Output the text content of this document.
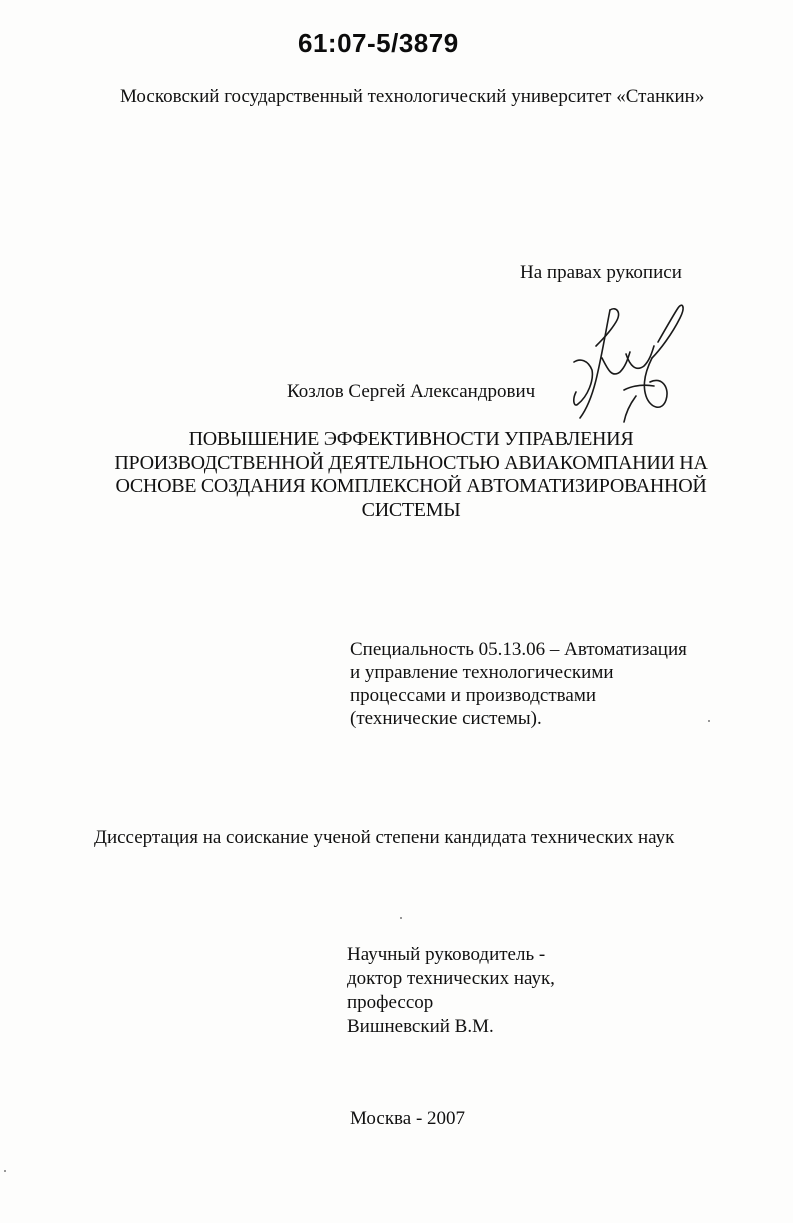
61:07-5/3879
Московский государственный технологический университет «Станкин»
На правах рукописи
Козлов Сергей Александрович
ПОВЫШЕНИЕ ЭФФЕКТИВНОСТИ УПРАВЛЕНИЯ
ПРОИЗВОДСТВЕННОЙ ДЕЯТЕЛЬНОСТЬЮ АВИАКОМПАНИИ НА
ОСНОВЕ СОЗДАНИЯ КОМПЛЕКСНОЙ АВТОМАТИЗИРОВАННОЙ
СИСТЕМЫ
Специальность 05.13.06 – Автоматизация
и управление технологическими
процессами и производствами
(технические системы).
Диссертация на соискание ученой степени кандидата технических наук
Научный руководитель -
доктор технических наук,
профессор
Вишневский В.М.
Москва - 2007
